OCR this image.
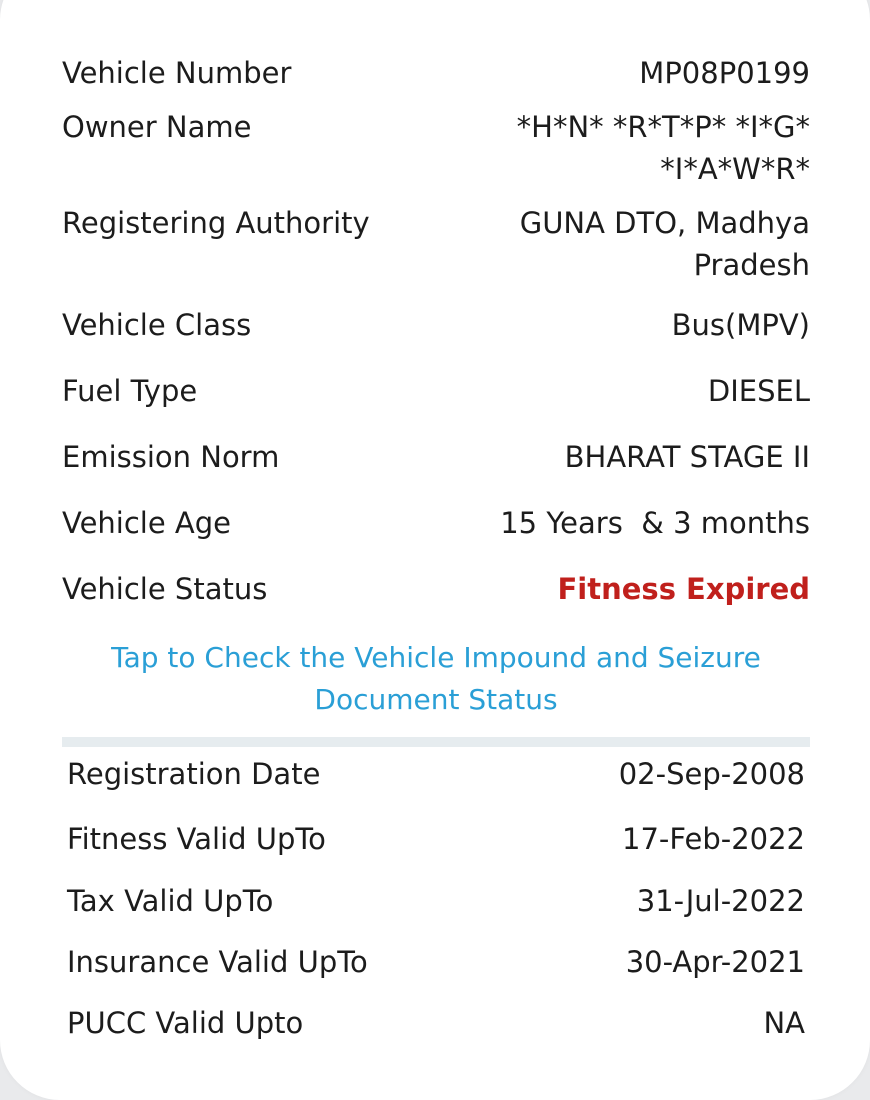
Vehicle Number	MP08P0199
Owner Name	*H*N* *R*T*P* *I*G* *I*A*W*R*
Registering Authority	GUNA DTO, Madhya Pradesh
Vehicle Class	Bus(MPV)
Fuel Type	DIESEL
Emission Norm	BHARAT STAGE II
Vehicle Age	15 Years  & 3 months
Vehicle Status	Fitness Expired
Tap to Check the Vehicle Impound and Seizure Document Status
Registration Date	02-Sep-2008
Fitness Valid UpTo	17-Feb-2022
Tax Valid UpTo	31-Jul-2022
Insurance Valid UpTo	30-Apr-2021
PUCC Valid Upto	NA
